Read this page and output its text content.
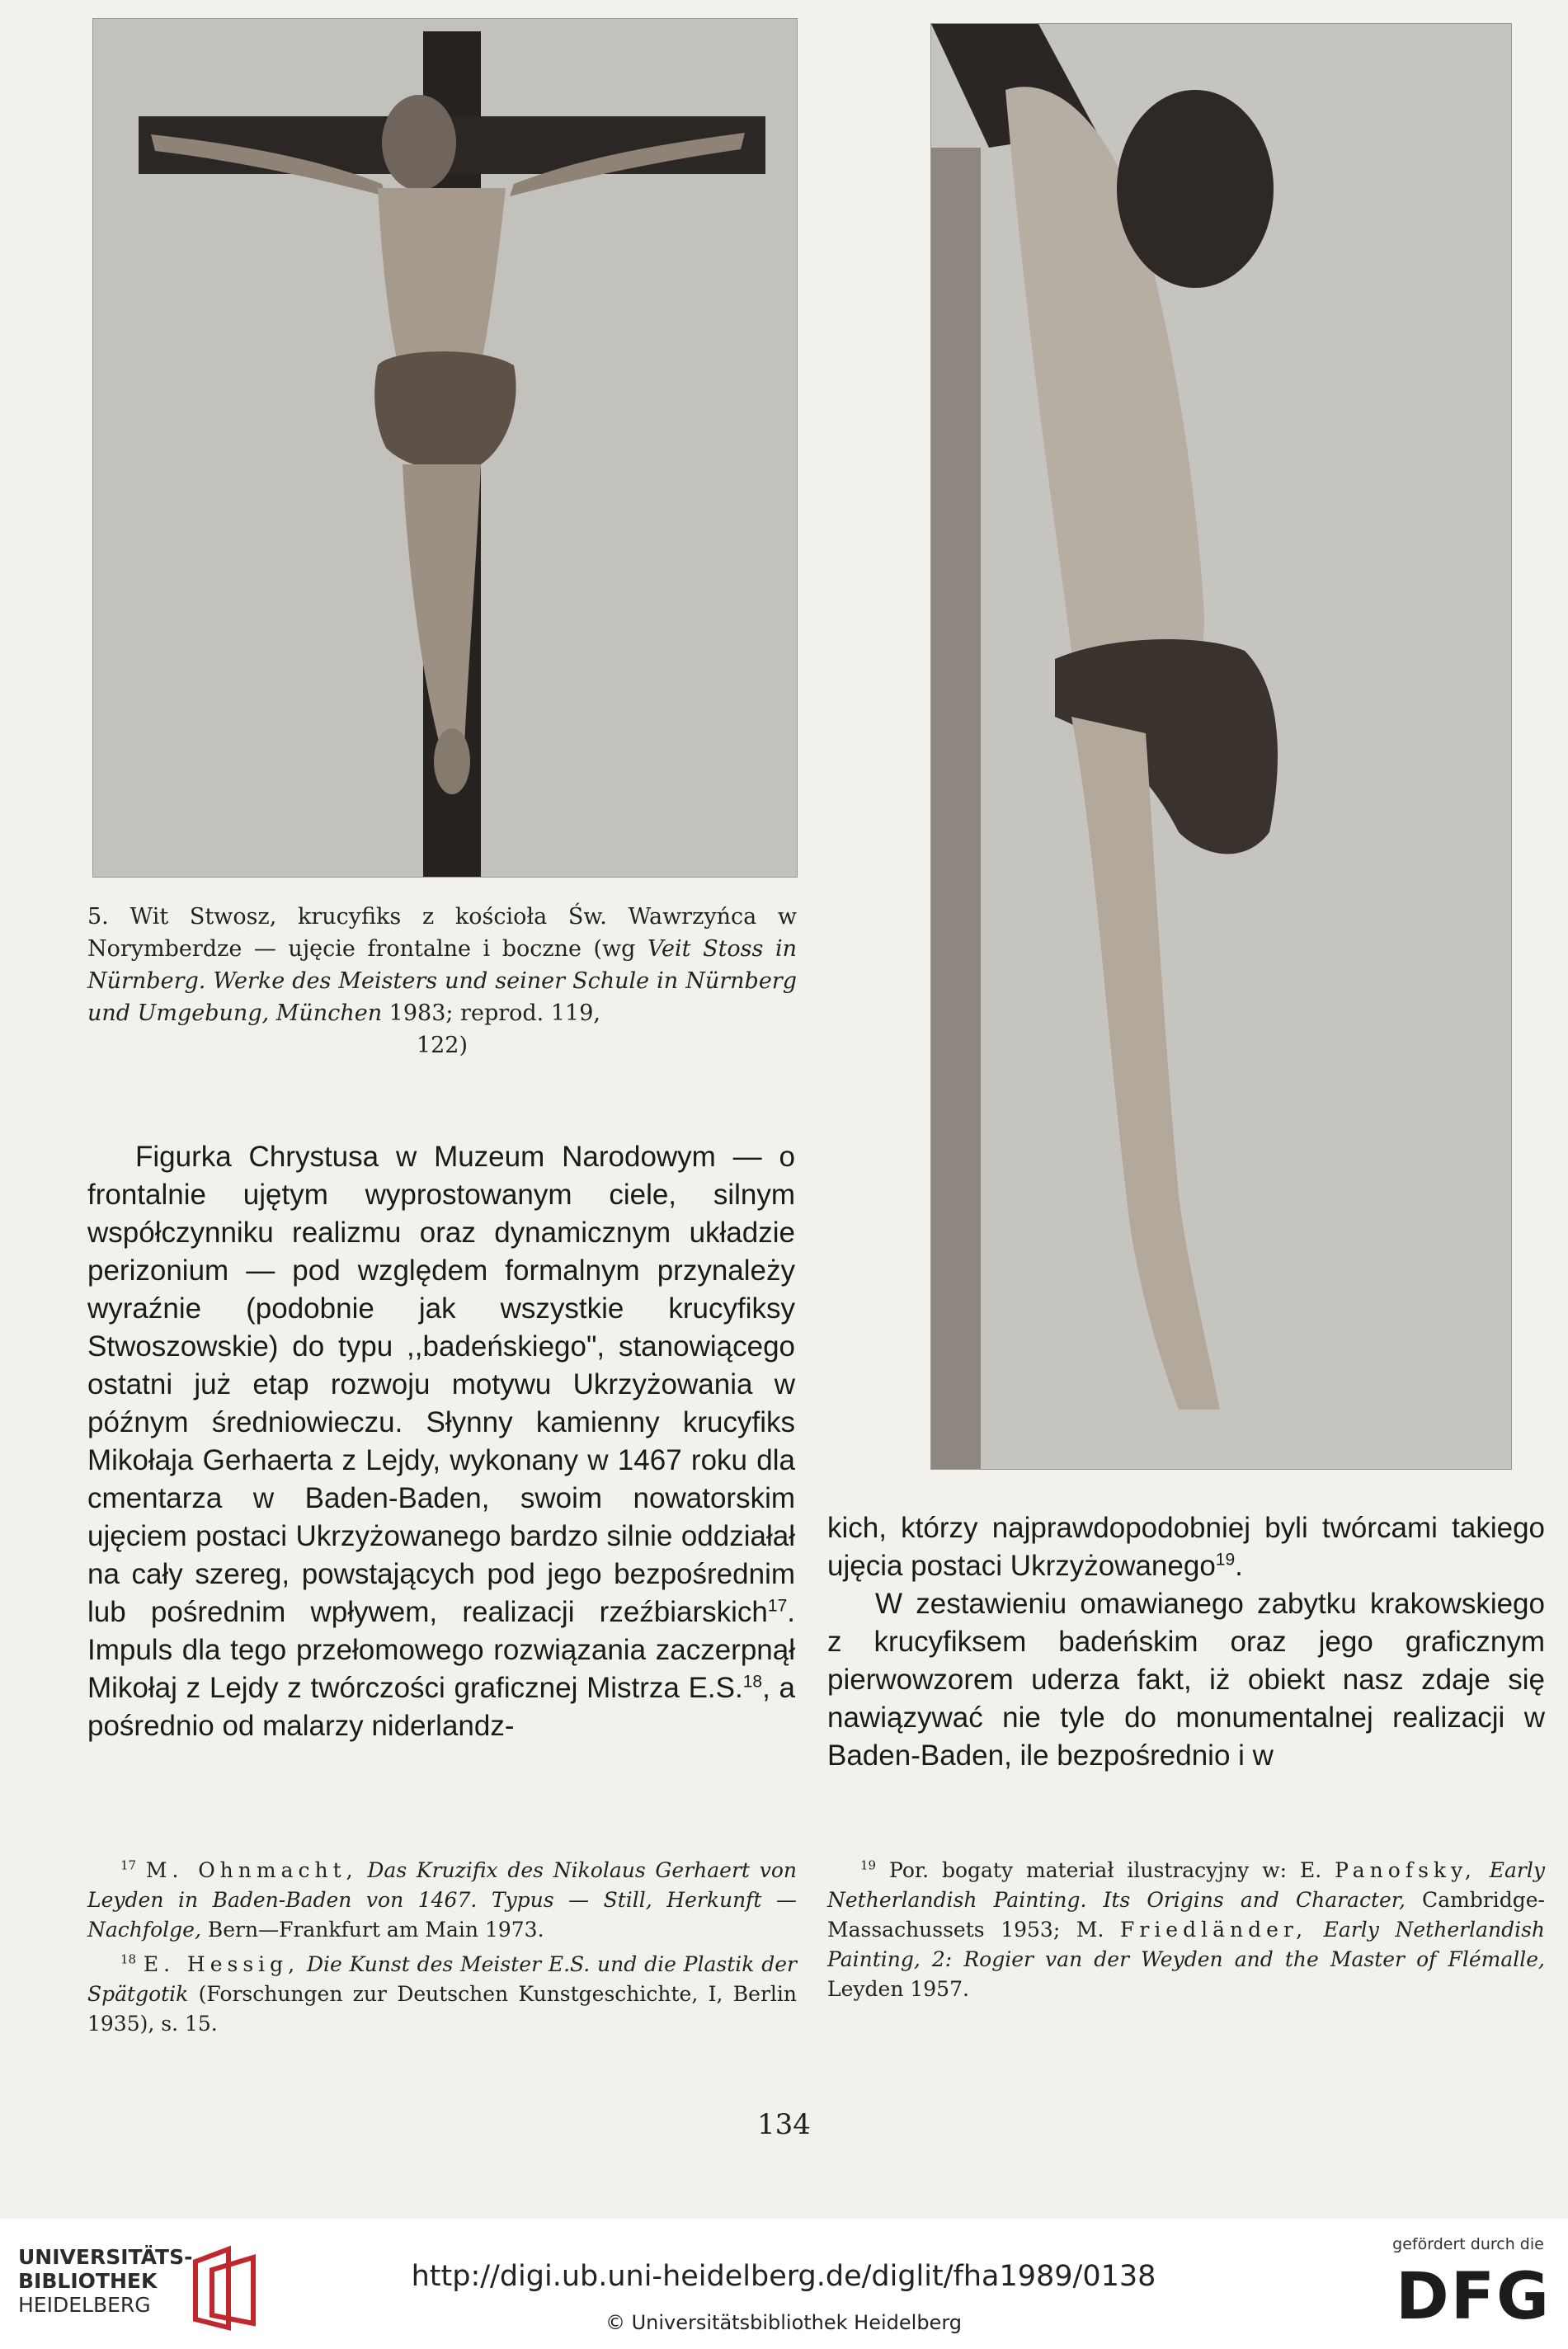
5. Wit Stwosz, krucyfiks z kościoła Św. Wawrzyńca w Norymberdze — ujęcie frontalne i boczne (wg Veit Stoss in Nürnberg. Werke des Meisters und seiner Schule in Nürnberg und Umgebung, München 1983; reprod. 119,
122)

Figurka Chrystusa w Muzeum Narodowym — o frontalnie ujętym wyprostowanym ciele, silnym współczynniku realizmu oraz dynamicznym układzie perizonium — pod względem formalnym przynależy wyraźnie (podobnie jak wszystkie krucyfiksy Stwoszowskie) do typu ,,badeńskiego", stanowiącego ostatni już etap rozwoju motywu Ukrzyżowania w późnym średniowieczu. Słynny kamienny krucyfiks Mikołaja Gerhaerta z Lejdy, wykonany w 1467 roku dla cmentarza w Baden-Baden, swoim nowatorskim ujęciem postaci Ukrzyżowanego bardzo silnie oddziałał na cały szereg, powstających pod jego bezpośrednim lub pośrednim wpływem, realizacji rzeźbiarskich$^{17}$. Impuls dla tego przełomowego rozwiązania zaczerpnął Mikołaj z Lejdy z twórczości graficznej Mistrza E.S.$^{18}$, a pośrednio od malarzy niderlandz-

kich, którzy najprawdopodobniej byli twórcami takiego ujęcia postaci Ukrzyżowanego$^{19}$.

W zestawieniu omawianego zabytku krakowskiego z krucyfiksem badeńskim oraz jego graficznym pierwowzorem uderza fakt, iż obiekt nasz zdaje się nawiązywać nie tyle do monumentalnej realizacji w Baden-Baden, ile bezpośrednio i w

$^{17}$ M. Ohnmacht, Das Kruzifix des Nikolaus Gerhaert von Leyden in Baden-Baden von 1467. Typus — Still, Herkunft — Nachfolge, Bern—Frankfurt am Main 1973.

$^{18}$ E. Hessig, Die Kunst des Meister E.S. und die Plastik der Spätgotik (Forschungen zur Deutschen Kunstgeschichte, I, Berlin 1935), s. 15.

$^{19}$ Por. bogaty materiał ilustracyjny w: E. Panofsky, Early Netherlandish Painting. Its Origins and Character, Cambridge-Massachussets 1953; M. Friedländer, Early Netherlandish Painting, 2: Rogier van der Weyden and the Master of Flémalle, Leyden 1957.

134
UNIVERSITÄTS-
BIBLIOTHEK
HEIDELBERG
http://digi.ub.uni-heidelberg.de/diglit/fha1989/0138
© Universitätsbibliothek Heidelberg
gefördert durch die
DFG
